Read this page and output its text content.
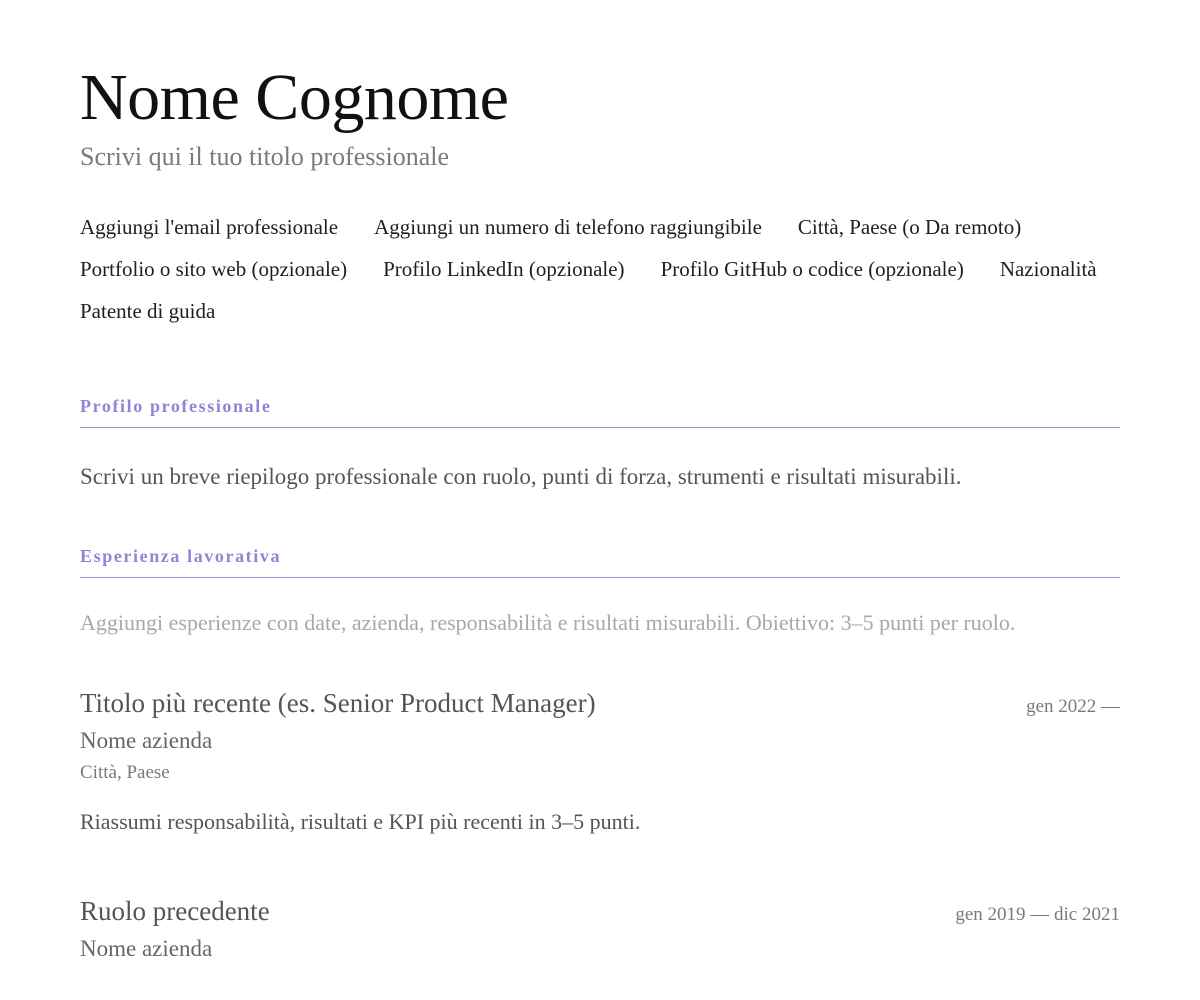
Nome Cognome
Scrivi qui il tuo titolo professionale
Aggiungi l'email professionale Aggiungi un numero di telefono raggiungibile Città, Paese (o Da remoto)
Portfolio o sito web (opzionale) Profilo LinkedIn (opzionale) Profilo GitHub o codice (opzionale) Nazionalità
Patente di guida
Profilo professionale
Scrivi un breve riepilogo professionale con ruolo, punti di forza, strumenti e risultati misurabili.
Esperienza lavorativa
Aggiungi esperienze con date, azienda, responsabilità e risultati misurabili. Obiettivo: 3–5 punti per ruolo.
Titolo più recente (es. Senior Product Manager)	gen 2022 —
Nome azienda
Città, Paese
Riassumi responsabilità, risultati e KPI più recenti in 3–5 punti.
Ruolo precedente	gen 2019 — dic 2021
Nome azienda
